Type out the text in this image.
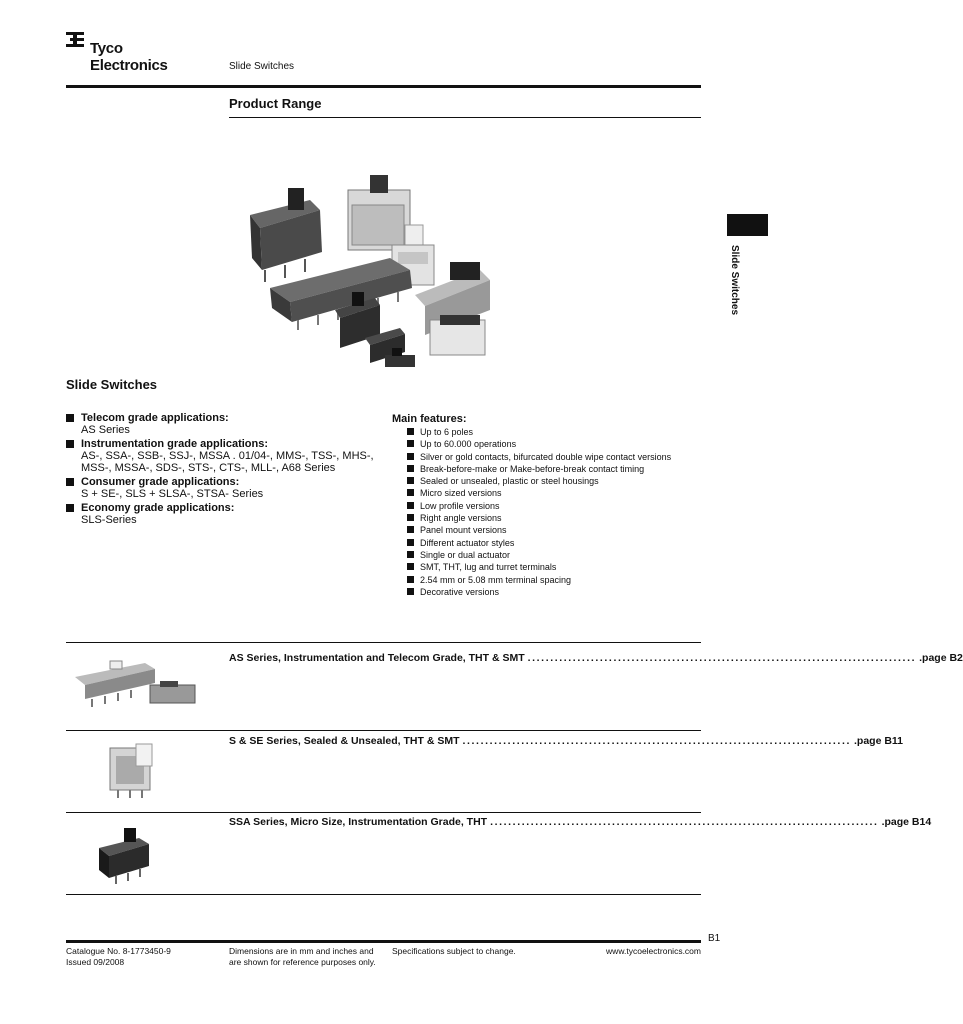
Tyco
Electronics	Slide Switches
Product Range
Slide Switches
Slide Switches
Telecom grade applications:
AS Series
Instrumentation grade applications:
AS-, SSA-, SSB-, SSJ-, MSSA . 01/04-, MMS-, TSS-, MHS-, MSS-, MSSA-, SDS-, STS-, CTS-, MLL-, A68 Series
Consumer grade applications:
S + SE-, SLS + SLSA-, STSA- Series
Economy grade applications:
SLS-Series
Main features:
Up to 6 poles
Up to 60.000 operations
Silver or gold contacts, bifurcated double wipe contact versions
Break-before-make or Make-before-break contact timing
Sealed or unsealed, plastic or steel housings
Micro sized versions
Low profile versions
Right angle versions
Panel mount versions
Different actuator styles
Single or dual actuator
SMT, THT, lug and turret terminals
2.54 mm or 5.08 mm terminal spacing
Decorative versions
AS Series, Instrumentation and Telecom Grade, THT & SMT ...................................................................................... .page B2
S & SE Series, Sealed & Unsealed, THT & SMT ...................................................................................... .page B11
SSA Series, Micro Size, Instrumentation Grade, THT ...................................................................................... .page B14
B1
Catalogue No. 8-1773450-9
Issued 09/2008
Dimensions are in mm and inches and
are shown for reference purposes only.
Specifications subject to change.	www.tycoelectronics.com
